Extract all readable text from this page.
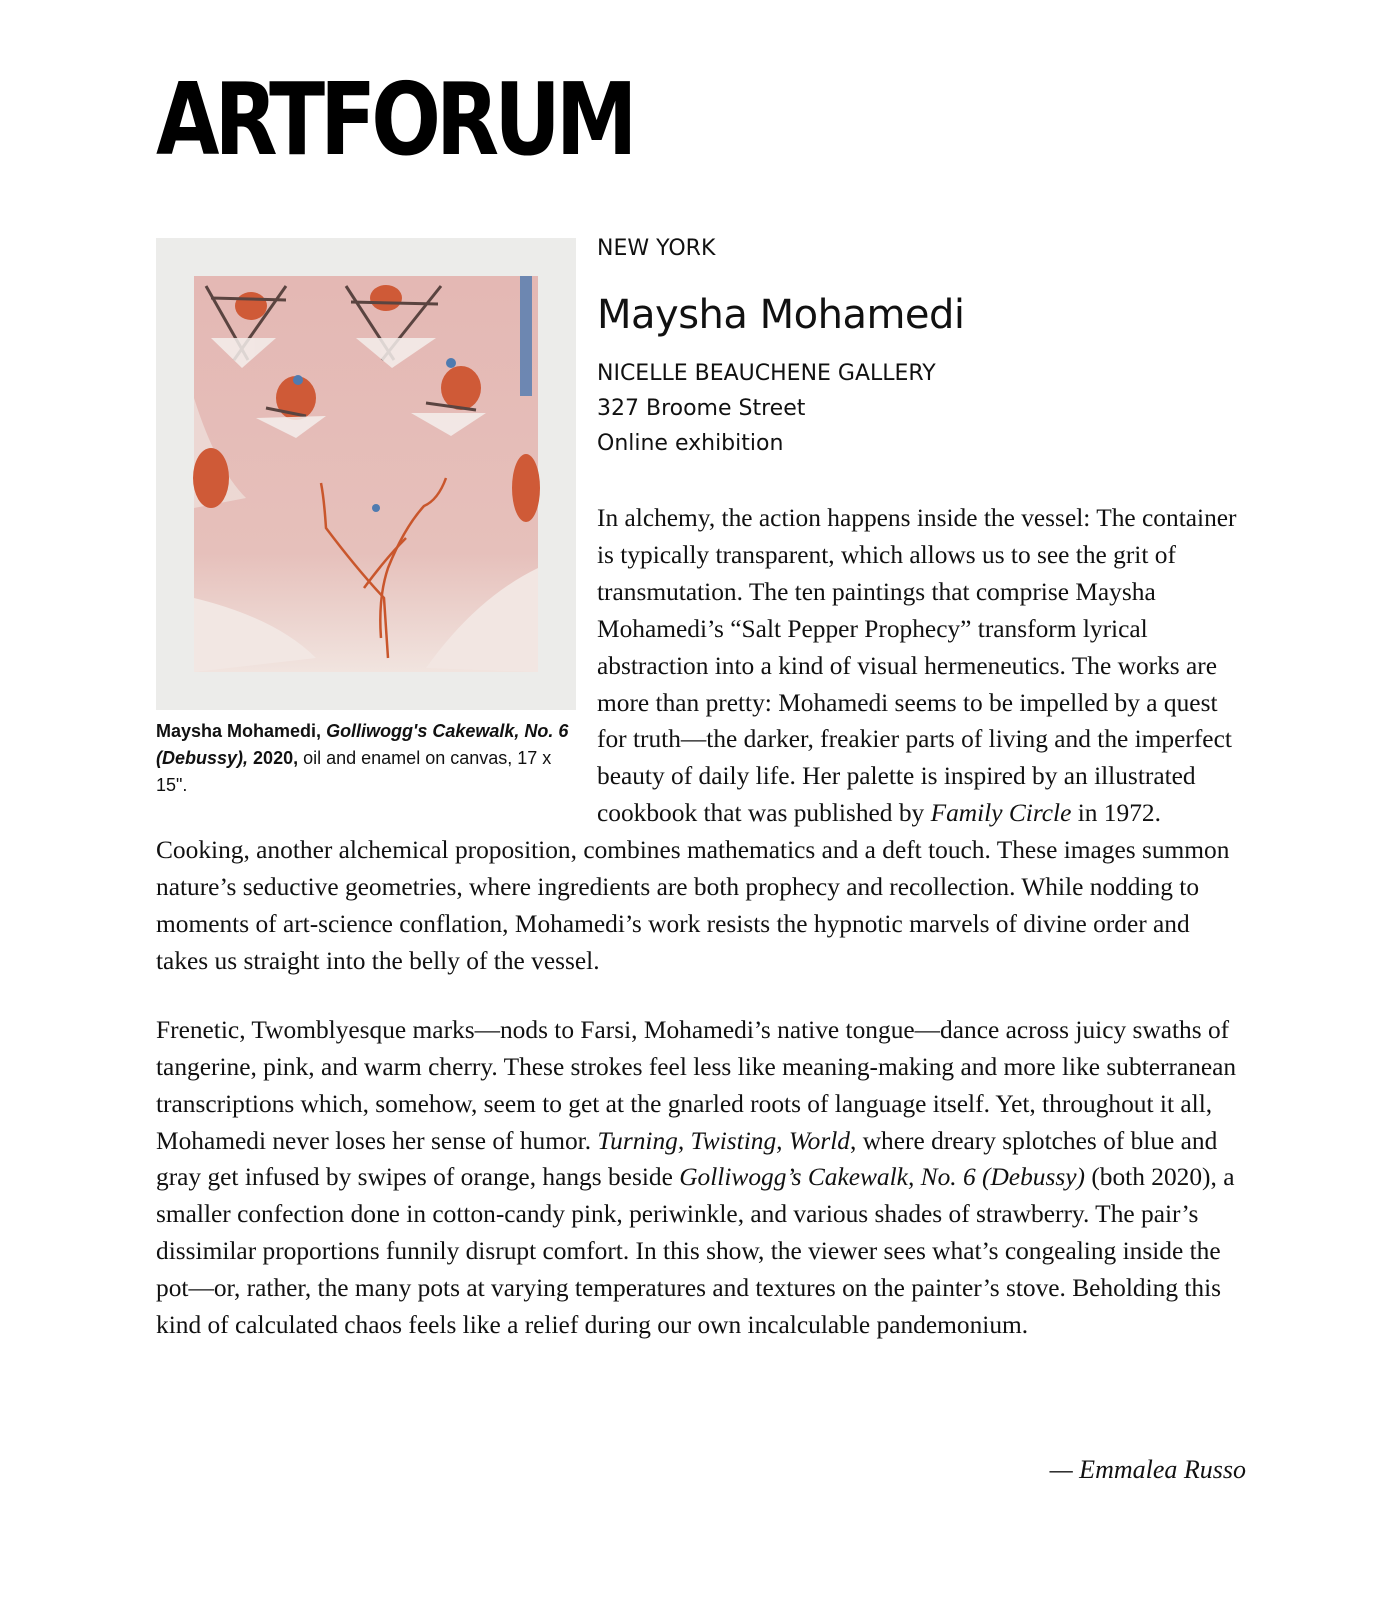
ARTFORUM

Maysha Mohamedi, Golliwogg's Cakewalk, No. 6 (Debussy), 2020, oil and enamel on canvas, 17 x 15".

NEW YORK

Maysha Mohamedi
NICELLE BEAUCHENE GALLERY
327 Broome Street
Online exhibition

In alchemy, the action happens inside the vessel: The container is typically transparent, which allows us to see the grit of transmutation. The ten paintings that comprise Maysha Mohamedi’s “Salt Pepper Prophecy” transform lyrical abstraction into a kind of visual hermeneutics. The works are more than pretty: Mohamedi seems to be impelled by a quest for truth—the darker, freakier parts of living and the imperfect beauty of daily life. Her palette is inspired by an illustrated cookbook that was published by Family Circle in 1972. Cooking, another alchemical proposition, combines mathematics and a deft touch. These images summon nature’s seductive geometries, where ingredients are both prophecy and recollection. While nodding to moments of art-science conflation, Mohamedi’s work resists the hypnotic marvels of divine order and takes us straight into the belly of the vessel.

Frenetic, Twomblyesque marks—nods to Farsi, Mohamedi’s native tongue—dance across juicy swaths of tangerine, pink, and warm cherry. These strokes feel less like meaning-making and more like subterranean transcriptions which, somehow, seem to get at the gnarled roots of language itself. Yet, throughout it all, Mohamedi never loses her sense of humor. Turning, Twisting, World, where dreary splotches of blue and gray get infused by swipes of orange, hangs beside Golliwogg’s Cakewalk, No. 6 (Debussy) (both 2020), a smaller confection done in cotton-candy pink, periwinkle, and various shades of strawberry. The pair’s dissimilar proportions funnily disrupt comfort. In this show, the viewer sees what’s congealing inside the pot—or, rather, the many pots at varying temperatures and textures on the painter’s stove. Beholding this kind of calculated chaos feels like a relief during our own incalculable pandemonium.

— Emmalea Russo
